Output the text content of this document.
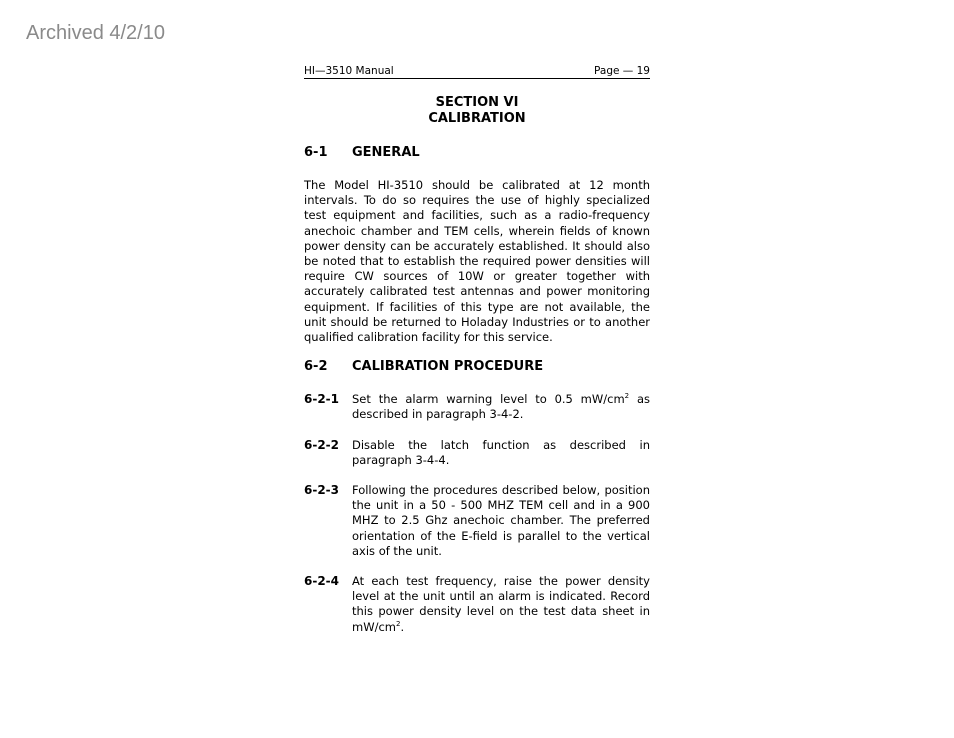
Archived 4/2/10
HI—3510 Manual	Page — 19
SECTION VI
CALIBRATION
6-1	GENERAL
The Model HI-3510 should be calibrated at 12 month intervals. To do so requires the use of highly specialized test equipment and facilities, such as a radio-frequency anechoic chamber and TEM cells, wherein fields of known power density can be accurately established. It should also be noted that to establish the required power densities will require CW sources of 10W or greater together with accurately calibrated test antennas and power monitoring equipment. If facilities of this type are not available, the unit should be returned to Holaday Industries or to another qualified calibration facility for this service.
6-2	CALIBRATION PROCEDURE
6-2-1	Set the alarm warning level to 0.5 $mW/cm^2$ as described in paragraph 3-4-2.
6-2-2	Disable the latch function as described in paragraph 3-4-4.
6-2-3	Following the procedures described below, position the unit in a 50 - 500 MHZ TEM cell and in a 900 MHZ to 2.5 Ghz anechoic chamber. The preferred orientation of the E-field is parallel to the vertical axis of the unit.
6-2-4	At each test frequency, raise the power density level at the unit until an alarm is indicated. Record this power density level on the test data sheet in $mW/cm^2$.
